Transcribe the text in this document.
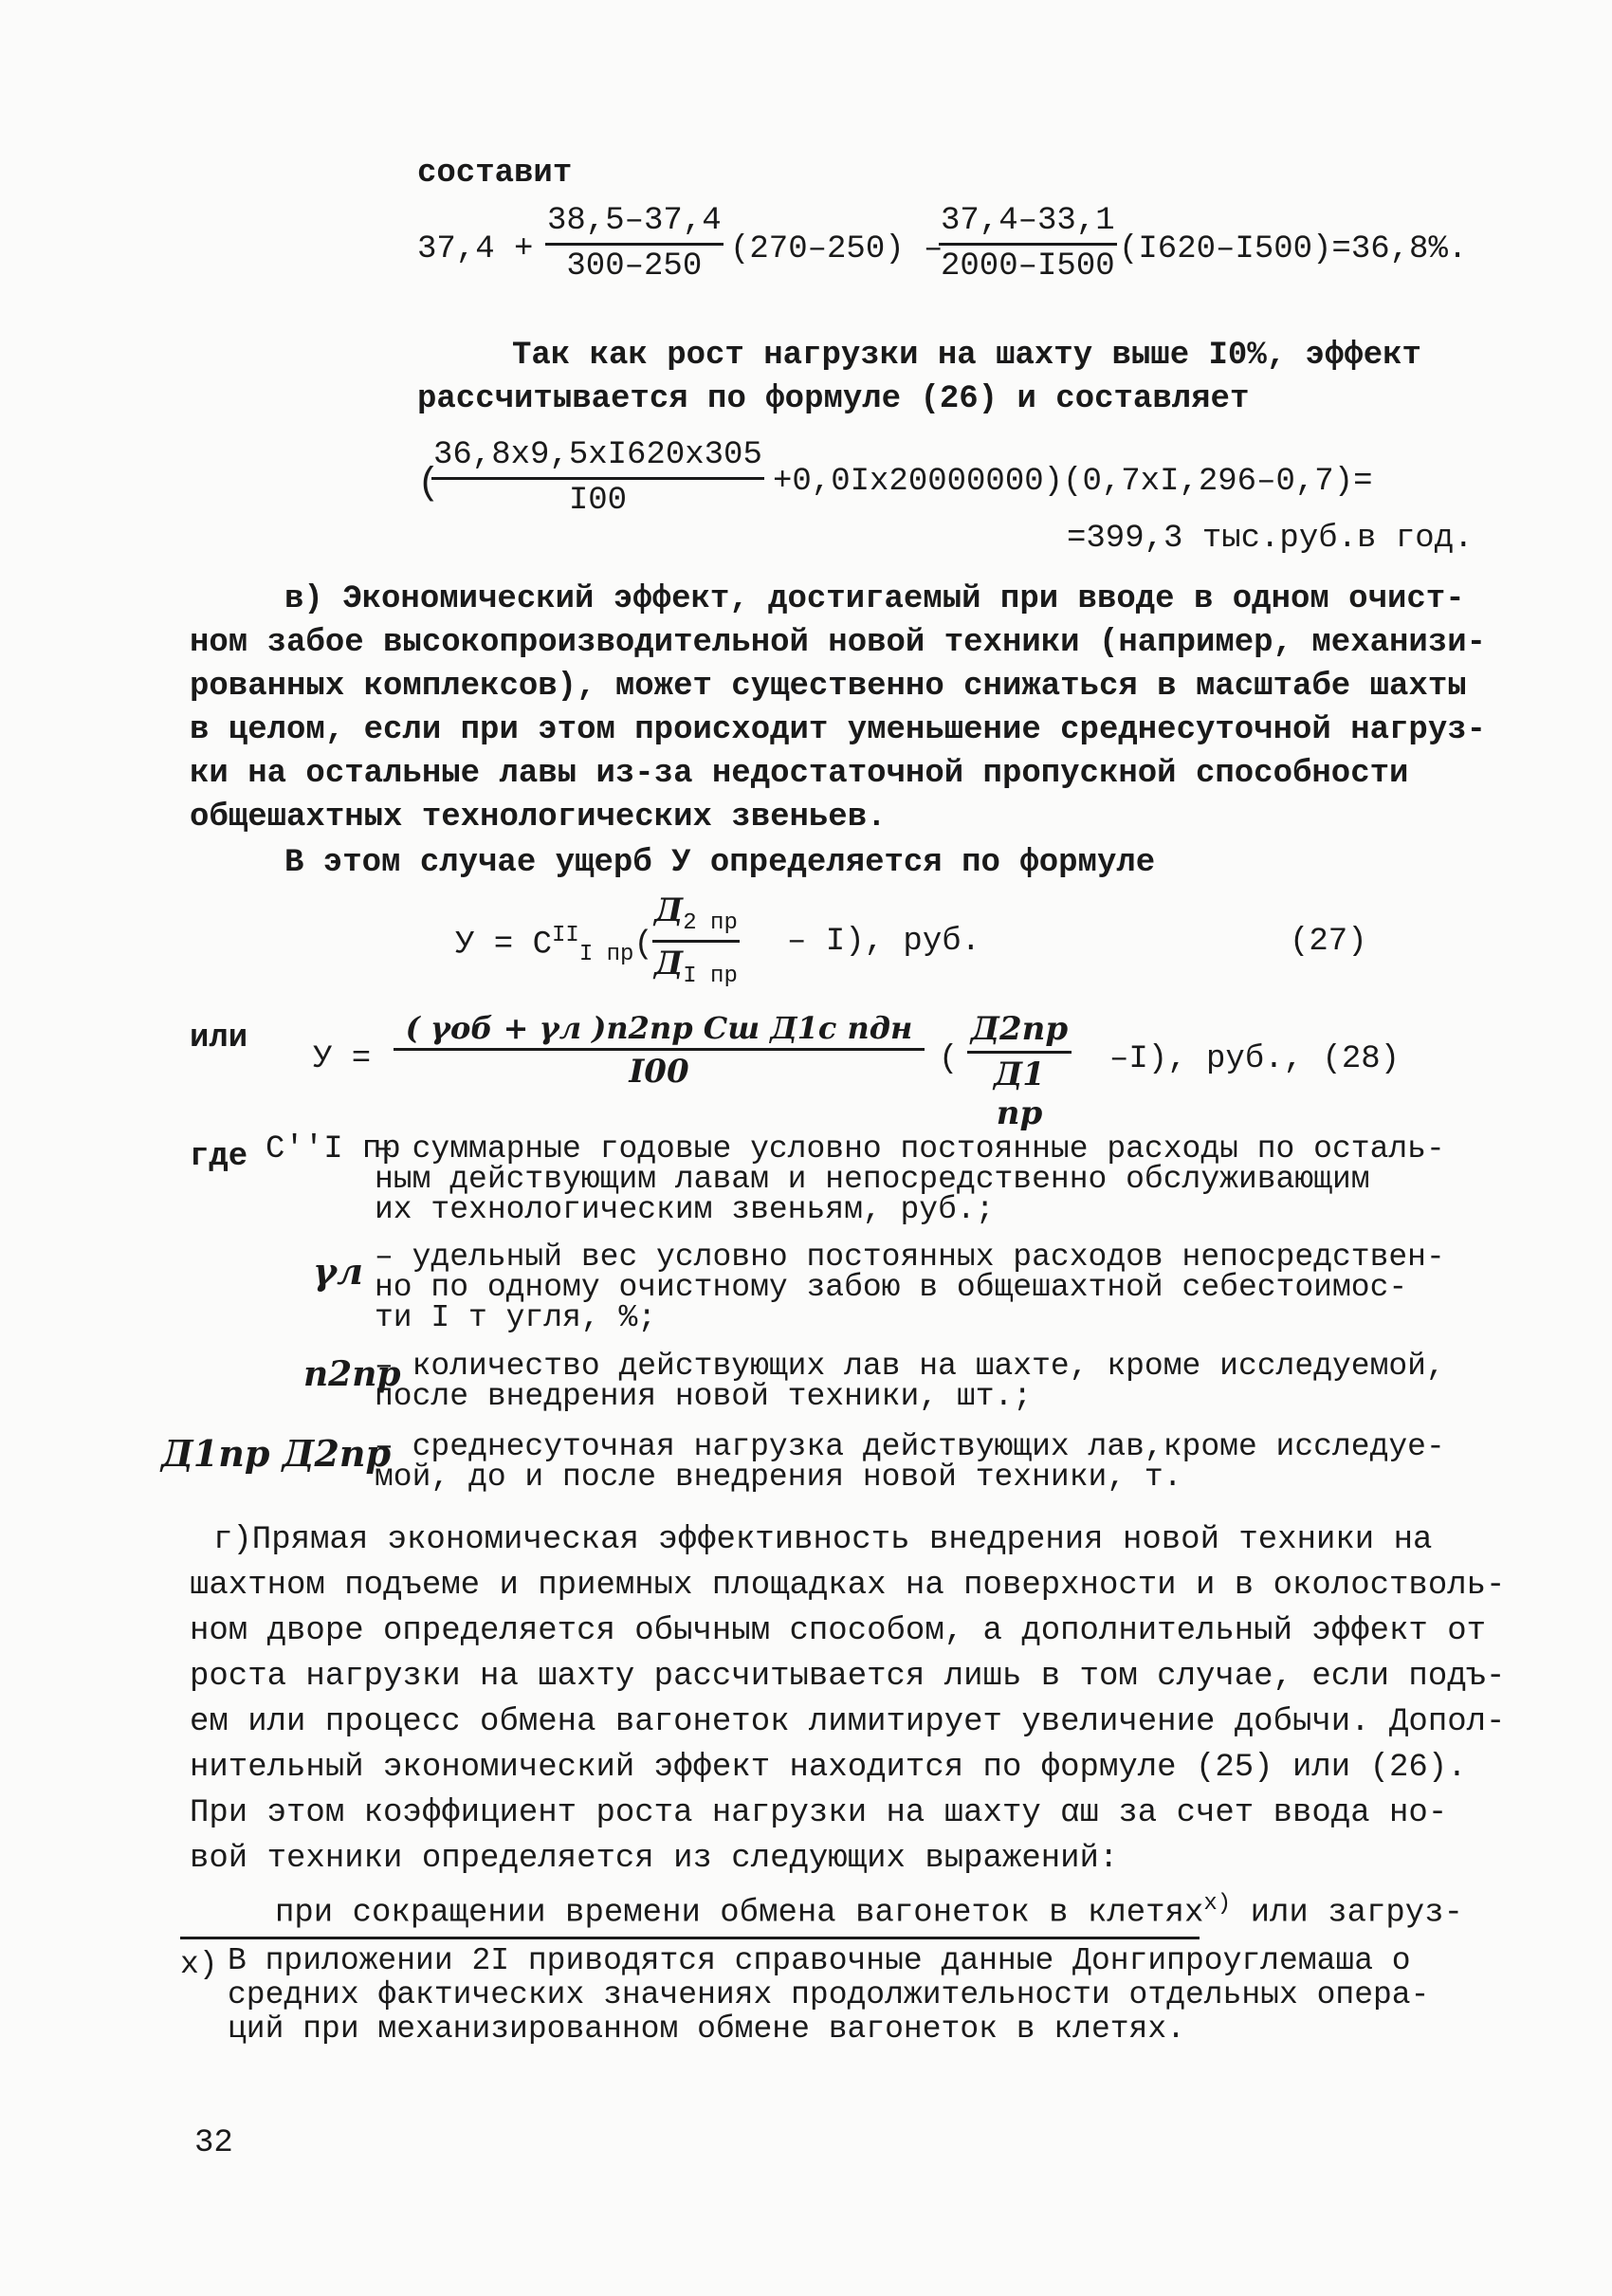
составит
$37,4 + \frac{38,5-37,4}{300-250} (270-250)$ –
$\frac{37,4-33,1}{2000-I500} (I620-I500)=36,8\%$.
Так как рост нагрузки на шахту выше I0%, эффект
рассчитывается по формуле (26) и составляет
(
$\frac{36,8x9,5xI620x305}{I00} +0,0Ix20000000)(0,7xI,296-0,7)=$
=399,3 тыс.руб.в год.
в) Экономический эффект, достигаемый при вводе в одном очист-
ном забое высокопроизводительной новой техники (например, механизи-
рованных комплексов), может существенно снижаться в масштабе шахты
в целом, если при этом происходит уменьшение среднесуточной нагруз-
ки на остальные лавы из-за недостаточной пропускной способности
общешахтных технологических звеньев.
В этом случае ущерб У определяется по формуле
$У = С^{II}_{I пр}$(
$Д_{2 пр}$
$Д_{I пр}$
– I), руб.	(27)
или
У =
( γоб + γл )n2пр Сш Д1с nдн
I00	(
Д2пр
Д1 пр
–I), руб., (28)
где С''I пр
– суммарные годовые условно постоянные расходы по осталь-
ным действующим лавам и непосредственно обслуживающим
их технологическим звеньям, руб.;
γл – удельный вес условно постоянных расходов непосредствен-
но по одному очистному забою в общешахтной себестоимос-
ти I т угля, %;
n2пр
– количество действующих лав на шахте, кроме исследуемой,
после внедрения новой техники, шт.;
Д1пр Д2пр
– среднесуточная нагрузка действующих лав,кроме исследуе-
мой, до и после внедрения новой техники, т.
г)Прямая экономическая эффективность внедрения новой техники на
шахтном подъеме и приемных площадках на поверхности и в околостволь-
ном дворе определяется обычным способом, а дополнительный эффект от
роста нагрузки на шахту рассчитывается лишь в том случае, если подъ-
ем или процесс обмена вагонеток лимитирует увеличение добычи. Допол-
нительный экономический эффект находится по формуле (25) или (26).
При этом коэффициент роста нагрузки на шахту αш за счет ввода но-
вой техники определяется из следующих выражений:
при сокращении времени обмена вагонеток в клетях$^{x)}$ или загруз-
x) В приложении 2I приводятся справочные данные Донгипроуглемаша о
средних фактических значениях продолжительности отдельных опера-
ций при механизированном обмене вагонеток в клетях.
32
